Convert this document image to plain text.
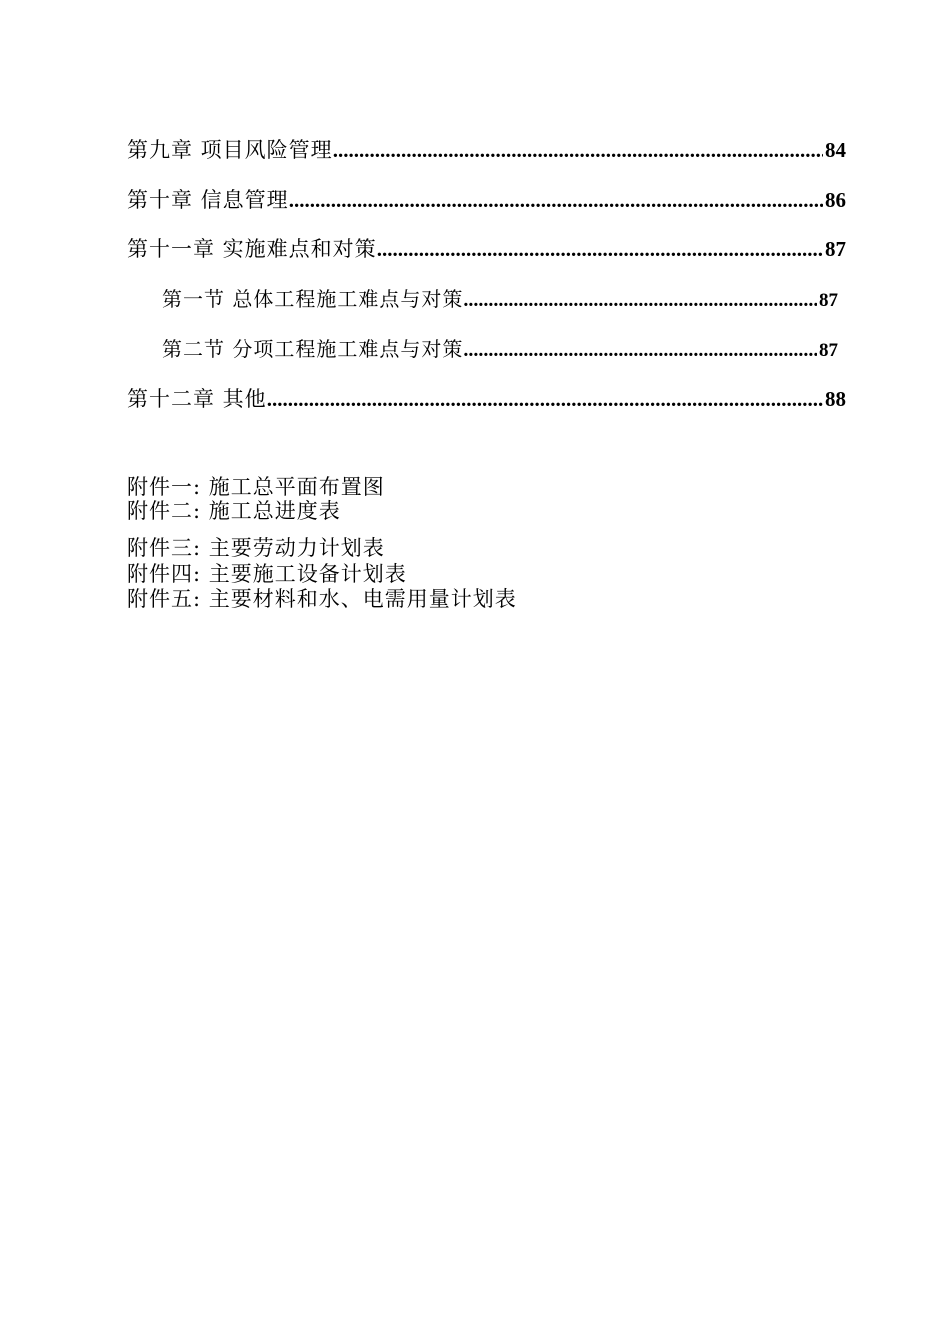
第九章 项目风险管理 .....	84
第十章 信息管理 .....	86
第十一章 实施难点和对策 .....	87
第一节 总体工程施工难点与对策 .....	87
第二节 分项工程施工难点与对策 .....	87
第十二章 其他 .....	88
附件一: 施工总平面布置图
附件二: 施工总进度表
附件三: 主要劳动力计划表
附件四: 主要施工设备计划表
附件五: 主要材料和水、电需用量计划表
